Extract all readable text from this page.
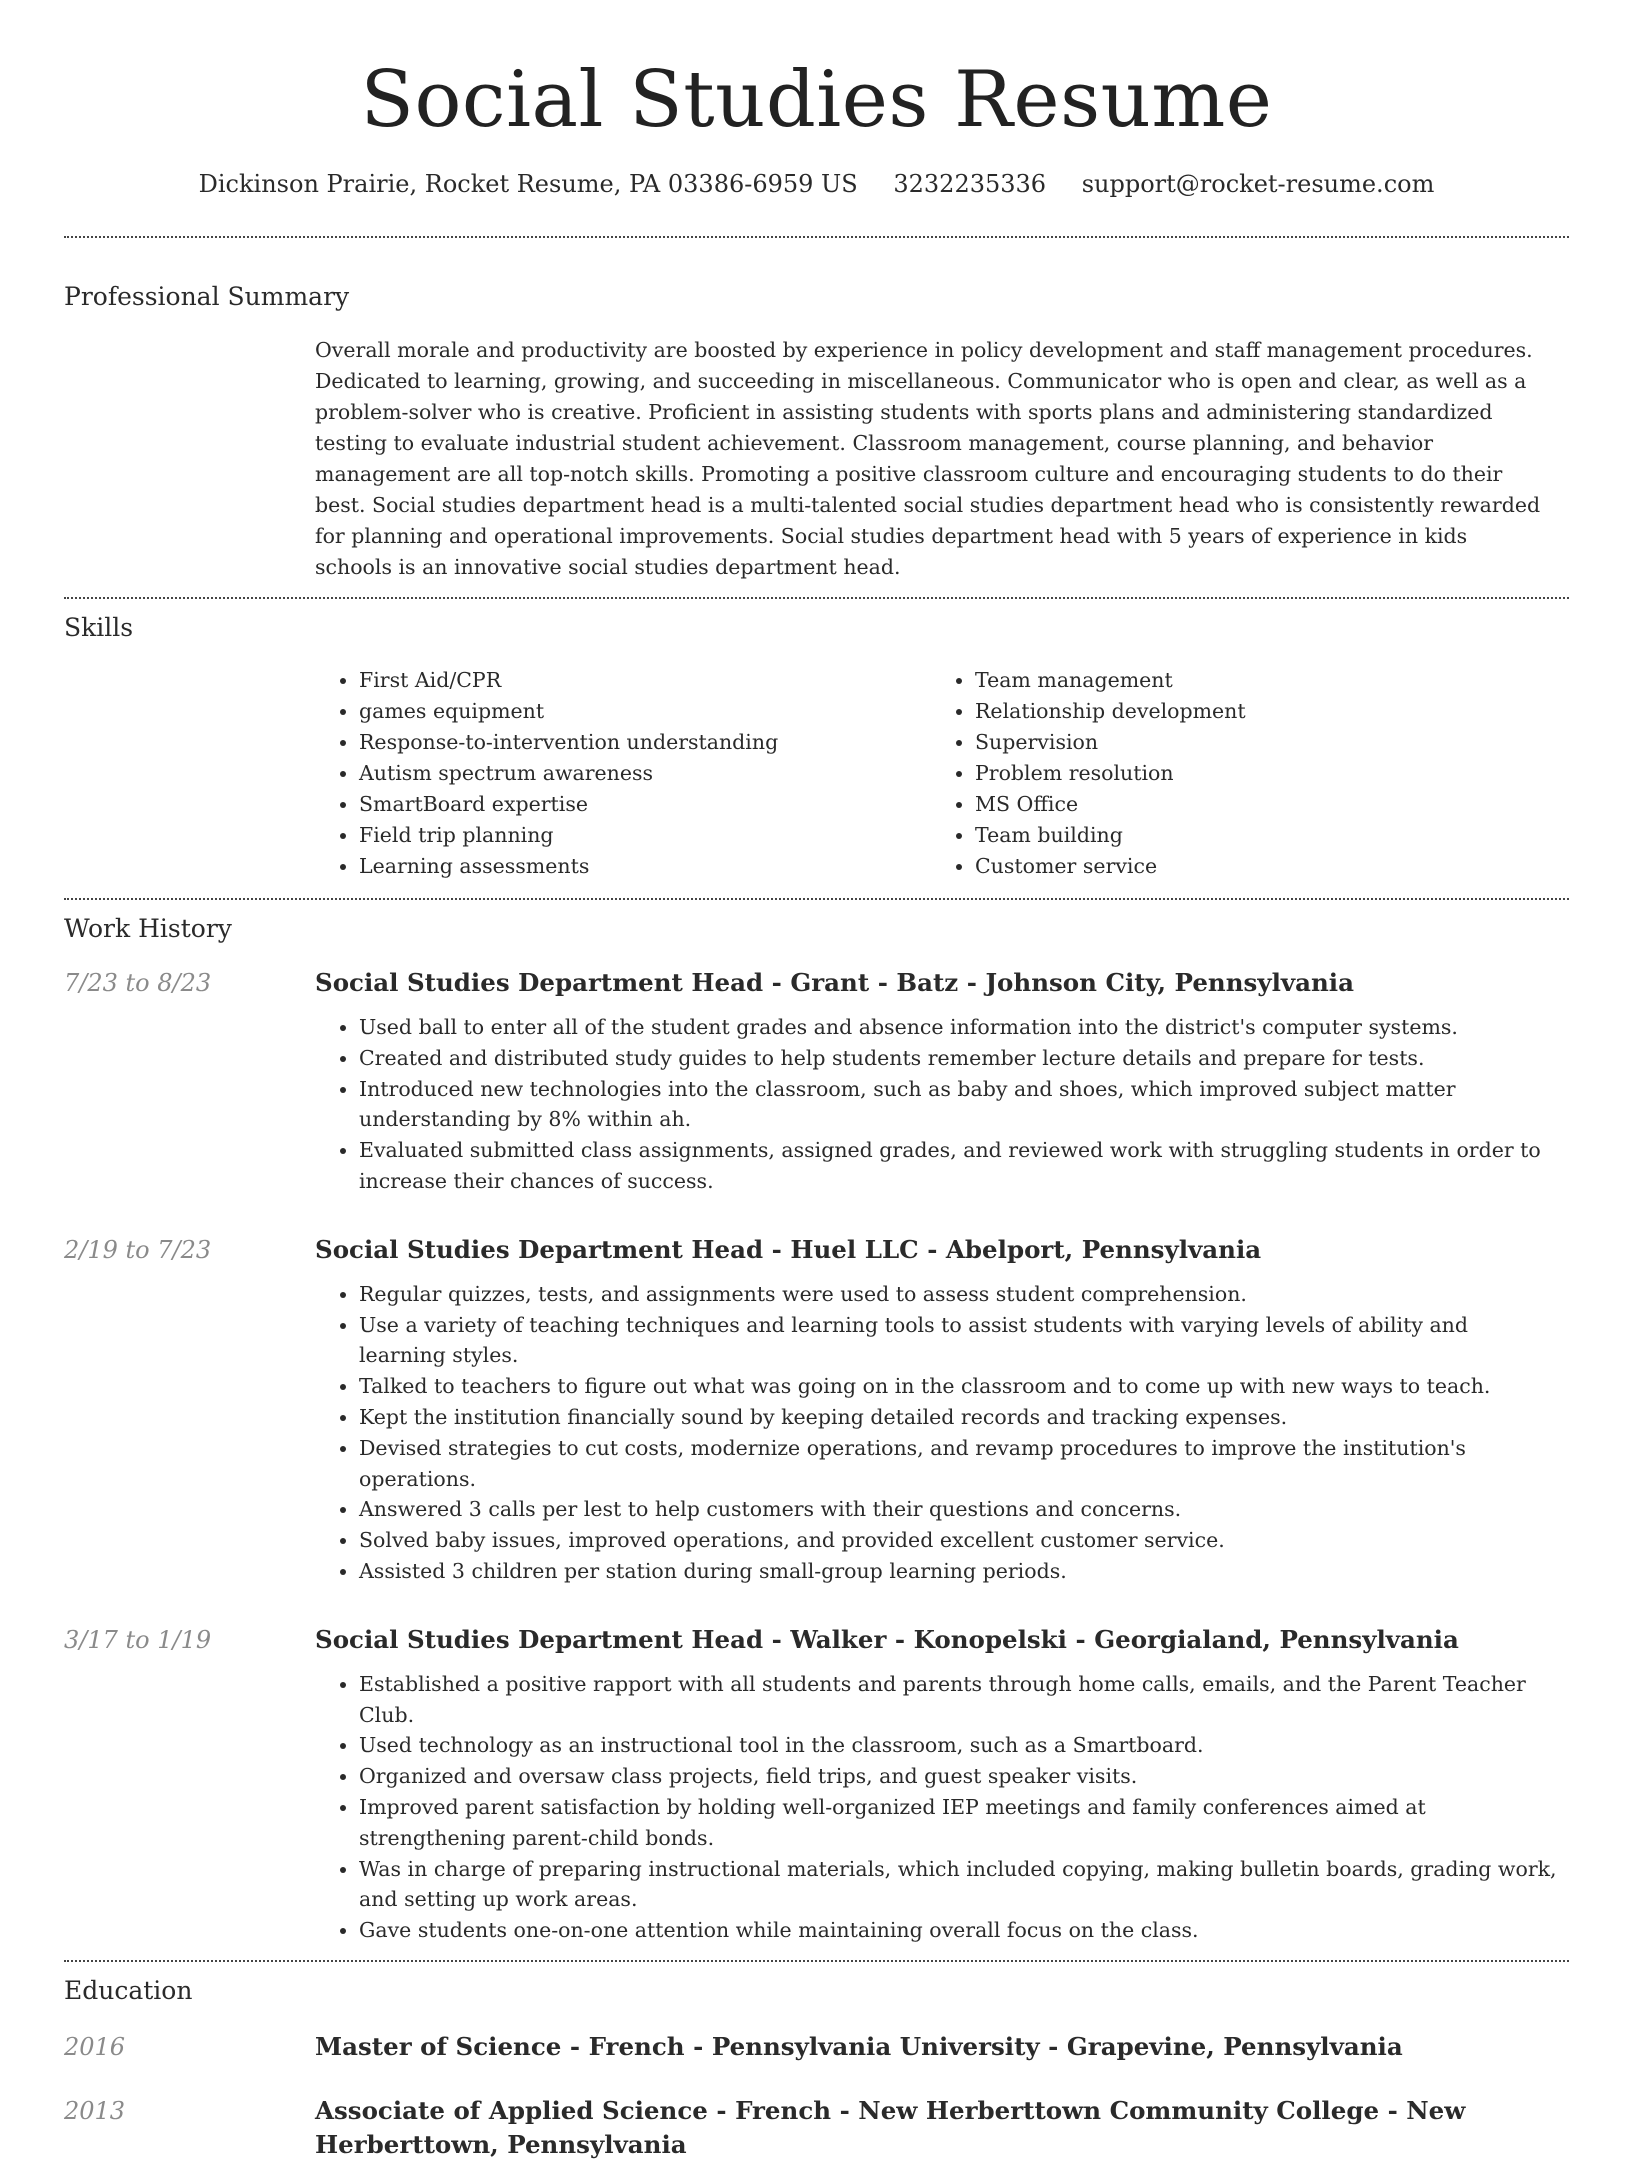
Social Studies Resume
Dickinson Prairie, Rocket Resume, PA 03386-6959 US 3232235336 support@rocket-resume.com
Professional Summary

Overall morale and productivity are boosted by experience in policy development and staff management procedures. Dedicated to learning, growing, and succeeding in miscellaneous. Communicator who is open and clear, as well as a problem-solver who is creative. Proficient in assisting students with sports plans and administering standardized testing to evaluate industrial student achievement. Classroom management, course planning, and behavior management are all top-notch skills. Promoting a positive classroom culture and encouraging students to do their best. Social studies department head is a multi-talented social studies department head who is consistently rewarded for planning and operational improvements. Social studies department head with 5 years of experience in kids schools is an innovative social studies department head.

Skills
• First Aid/CPR
• games equipment
• Response-to-intervention understanding
• Autism spectrum awareness
• SmartBoard expertise
• Field trip planning
• Learning assessments
• Team management
• Relationship development
• Supervision
• Problem resolution
• MS Office
• Team building
• Customer service
Work History
7/23 to 8/23	Social Studies Department Head - Grant - Batz - Johnson City, Pennsylvania
• Used ball to enter all of the student grades and absence information into the district's computer systems.
• Created and distributed study guides to help students remember lecture details and prepare for tests.
• Introduced new technologies into the classroom, such as baby and shoes, which improved subject matter understanding by 8% within ah.
• Evaluated submitted class assignments, assigned grades, and reviewed work with struggling students in order to increase their chances of success.
2/19 to 7/23	Social Studies Department Head - Huel LLC - Abelport, Pennsylvania
• Regular quizzes, tests, and assignments were used to assess student comprehension.
• Use a variety of teaching techniques and learning tools to assist students with varying levels of ability and learning styles.
• Talked to teachers to figure out what was going on in the classroom and to come up with new ways to teach.
• Kept the institution financially sound by keeping detailed records and tracking expenses.
• Devised strategies to cut costs, modernize operations, and revamp procedures to improve the institution's operations.
• Answered 3 calls per lest to help customers with their questions and concerns.
• Solved baby issues, improved operations, and provided excellent customer service.
• Assisted 3 children per station during small-group learning periods.
3/17 to 1/19	Social Studies Department Head - Walker - Konopelski - Georgialand, Pennsylvania
• Established a positive rapport with all students and parents through home calls, emails, and the Parent Teacher Club.
• Used technology as an instructional tool in the classroom, such as a Smartboard.
• Organized and oversaw class projects, field trips, and guest speaker visits.
• Improved parent satisfaction by holding well-organized IEP meetings and family conferences aimed at strengthening parent-child bonds.
• Was in charge of preparing instructional materials, which included copying, making bulletin boards, grading work, and setting up work areas.
• Gave students one-on-one attention while maintaining overall focus on the class.
Education
2016	Master of Science - French - Pennsylvania University - Grapevine, Pennsylvania
2013	Associate of Applied Science - French - New Herberttown Community College - New Herberttown, Pennsylvania
